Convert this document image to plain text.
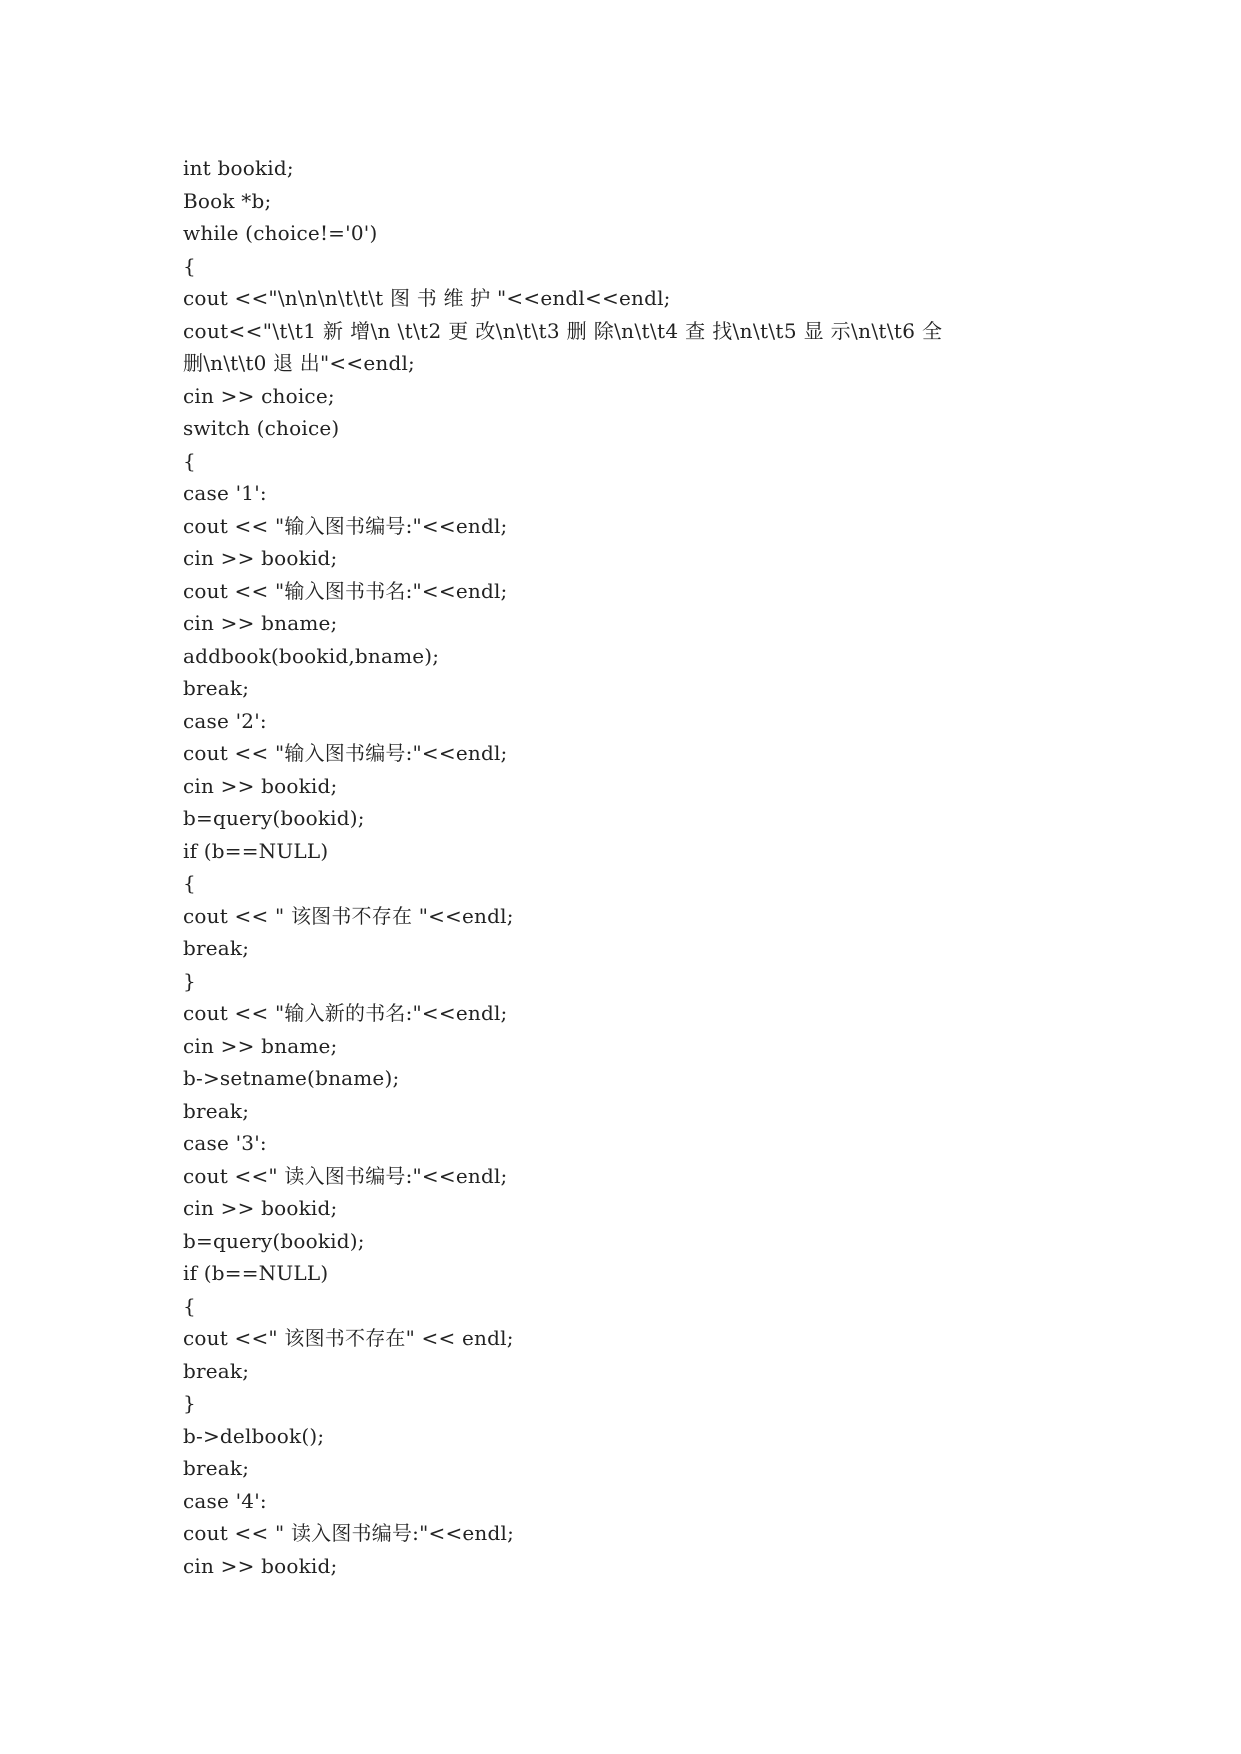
int bookid;
Book *b;
while (choice!='0')
{
cout <<"\n\n\n\t\t\t 图 书 维 护 "<<endl<<endl;
cout<<"\t\t1 新 增\n \t\t2 更 改\n\t\t3 删 除\n\t\t4 查 找\n\t\t5 显 示\n\t\t6 全
删\n\t\t0 退 出"<<endl;
cin >> choice;
switch (choice)
{
case '1':
cout << "输入图书编号:"<<endl;
cin >> bookid;
cout << "输入图书书名:"<<endl;
cin >> bname;
addbook(bookid,bname);
break;
case '2':
cout << "输入图书编号:"<<endl;
cin >> bookid;
b=query(bookid);
if (b==NULL)
{
cout << " 该图书不存在 "<<endl;
break;
}
cout << "输入新的书名:"<<endl;
cin >> bname;
b->setname(bname);
break;
case '3':
cout <<" 读入图书编号:"<<endl;
cin >> bookid;
b=query(bookid);
if (b==NULL)
{
cout <<" 该图书不存在" << endl;
break;
}
b->delbook();
break;
case '4':
cout << " 读入图书编号:"<<endl;
cin >> bookid;
